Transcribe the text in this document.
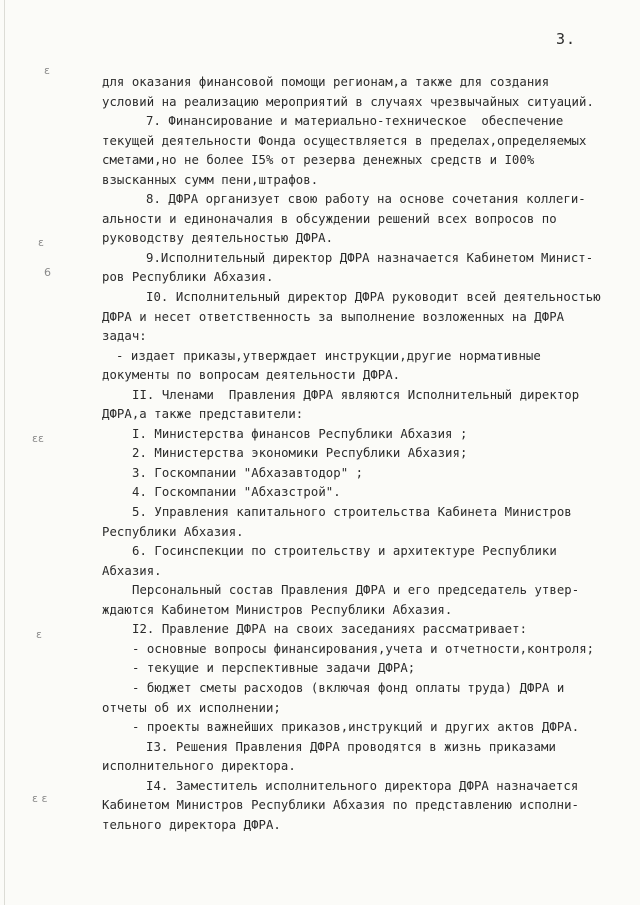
ε
ε
6
εε
ε
ε ε
3.
для оказания финансовой помощи регионам,а также для создания
условий на реализацию мероприятий в случаях чрезвычайных ситуаций.
7. Финансирование и материально-техническое  обеспечение
текущей деятельности Фонда осуществляется в пределах,определяемых
сметами,но не более I5% от резерва денежных средств и I00%
взысканных сумм пени,штрафов.
8. ДФРА организует свою работу на основе сочетания коллеги-
альности и единоначалия в обсуждении решений всех вопросов по
руководству деятельностью ДФРА.
9.Исполнительный директор ДФРА назначается Кабинетом Минист-
ров Республики Абхазия.
I0. Исполнительный директор ДФРА руководит всей деятельностью
ДФРА и несет ответственность за выполнение возложенных на ДФРА
задач:
- издает приказы,утверждает инструкции,другие нормативные
документы по вопросам деятельности ДФРА.
II. Членами  Правления ДФРА являются Исполнительный директор
ДФРА,а также представители:
I. Министерства финансов Республики Абхазия ;
2. Министерства экономики Республики Абхазия;
3. Госкомпании "Абхазавтодор" ;
4. Госкомпании "Абхазстрой".
5. Управления капитального строительства Кабинета Министров
Республики Абхазия.
6. Госинспекции по строительству и архитектуре Республики
Абхазия.
Персональный состав Правления ДФРА и его председатель утвер-
ждаются Кабинетом Министров Республики Абхазия.
I2. Правление ДФРА на своих заседаниях рассматривает:
- основные вопросы финансирования,учета и отчетности,контроля;
- текущие и перспективные задачи ДФРА;
- бюджет сметы расходов (включая фонд оплаты труда) ДФРА и
отчеты об их исполнении;
- проекты важнейших приказов,инструкций и других актов ДФРА.
I3. Решения Правления ДФРА проводятся в жизнь приказами
исполнительного директора.
I4. Заместитель исполнительного директора ДФРА назначается
Кабинетом Министров Республики Абхазия по представлению исполни-
тельного директора ДФРА.
